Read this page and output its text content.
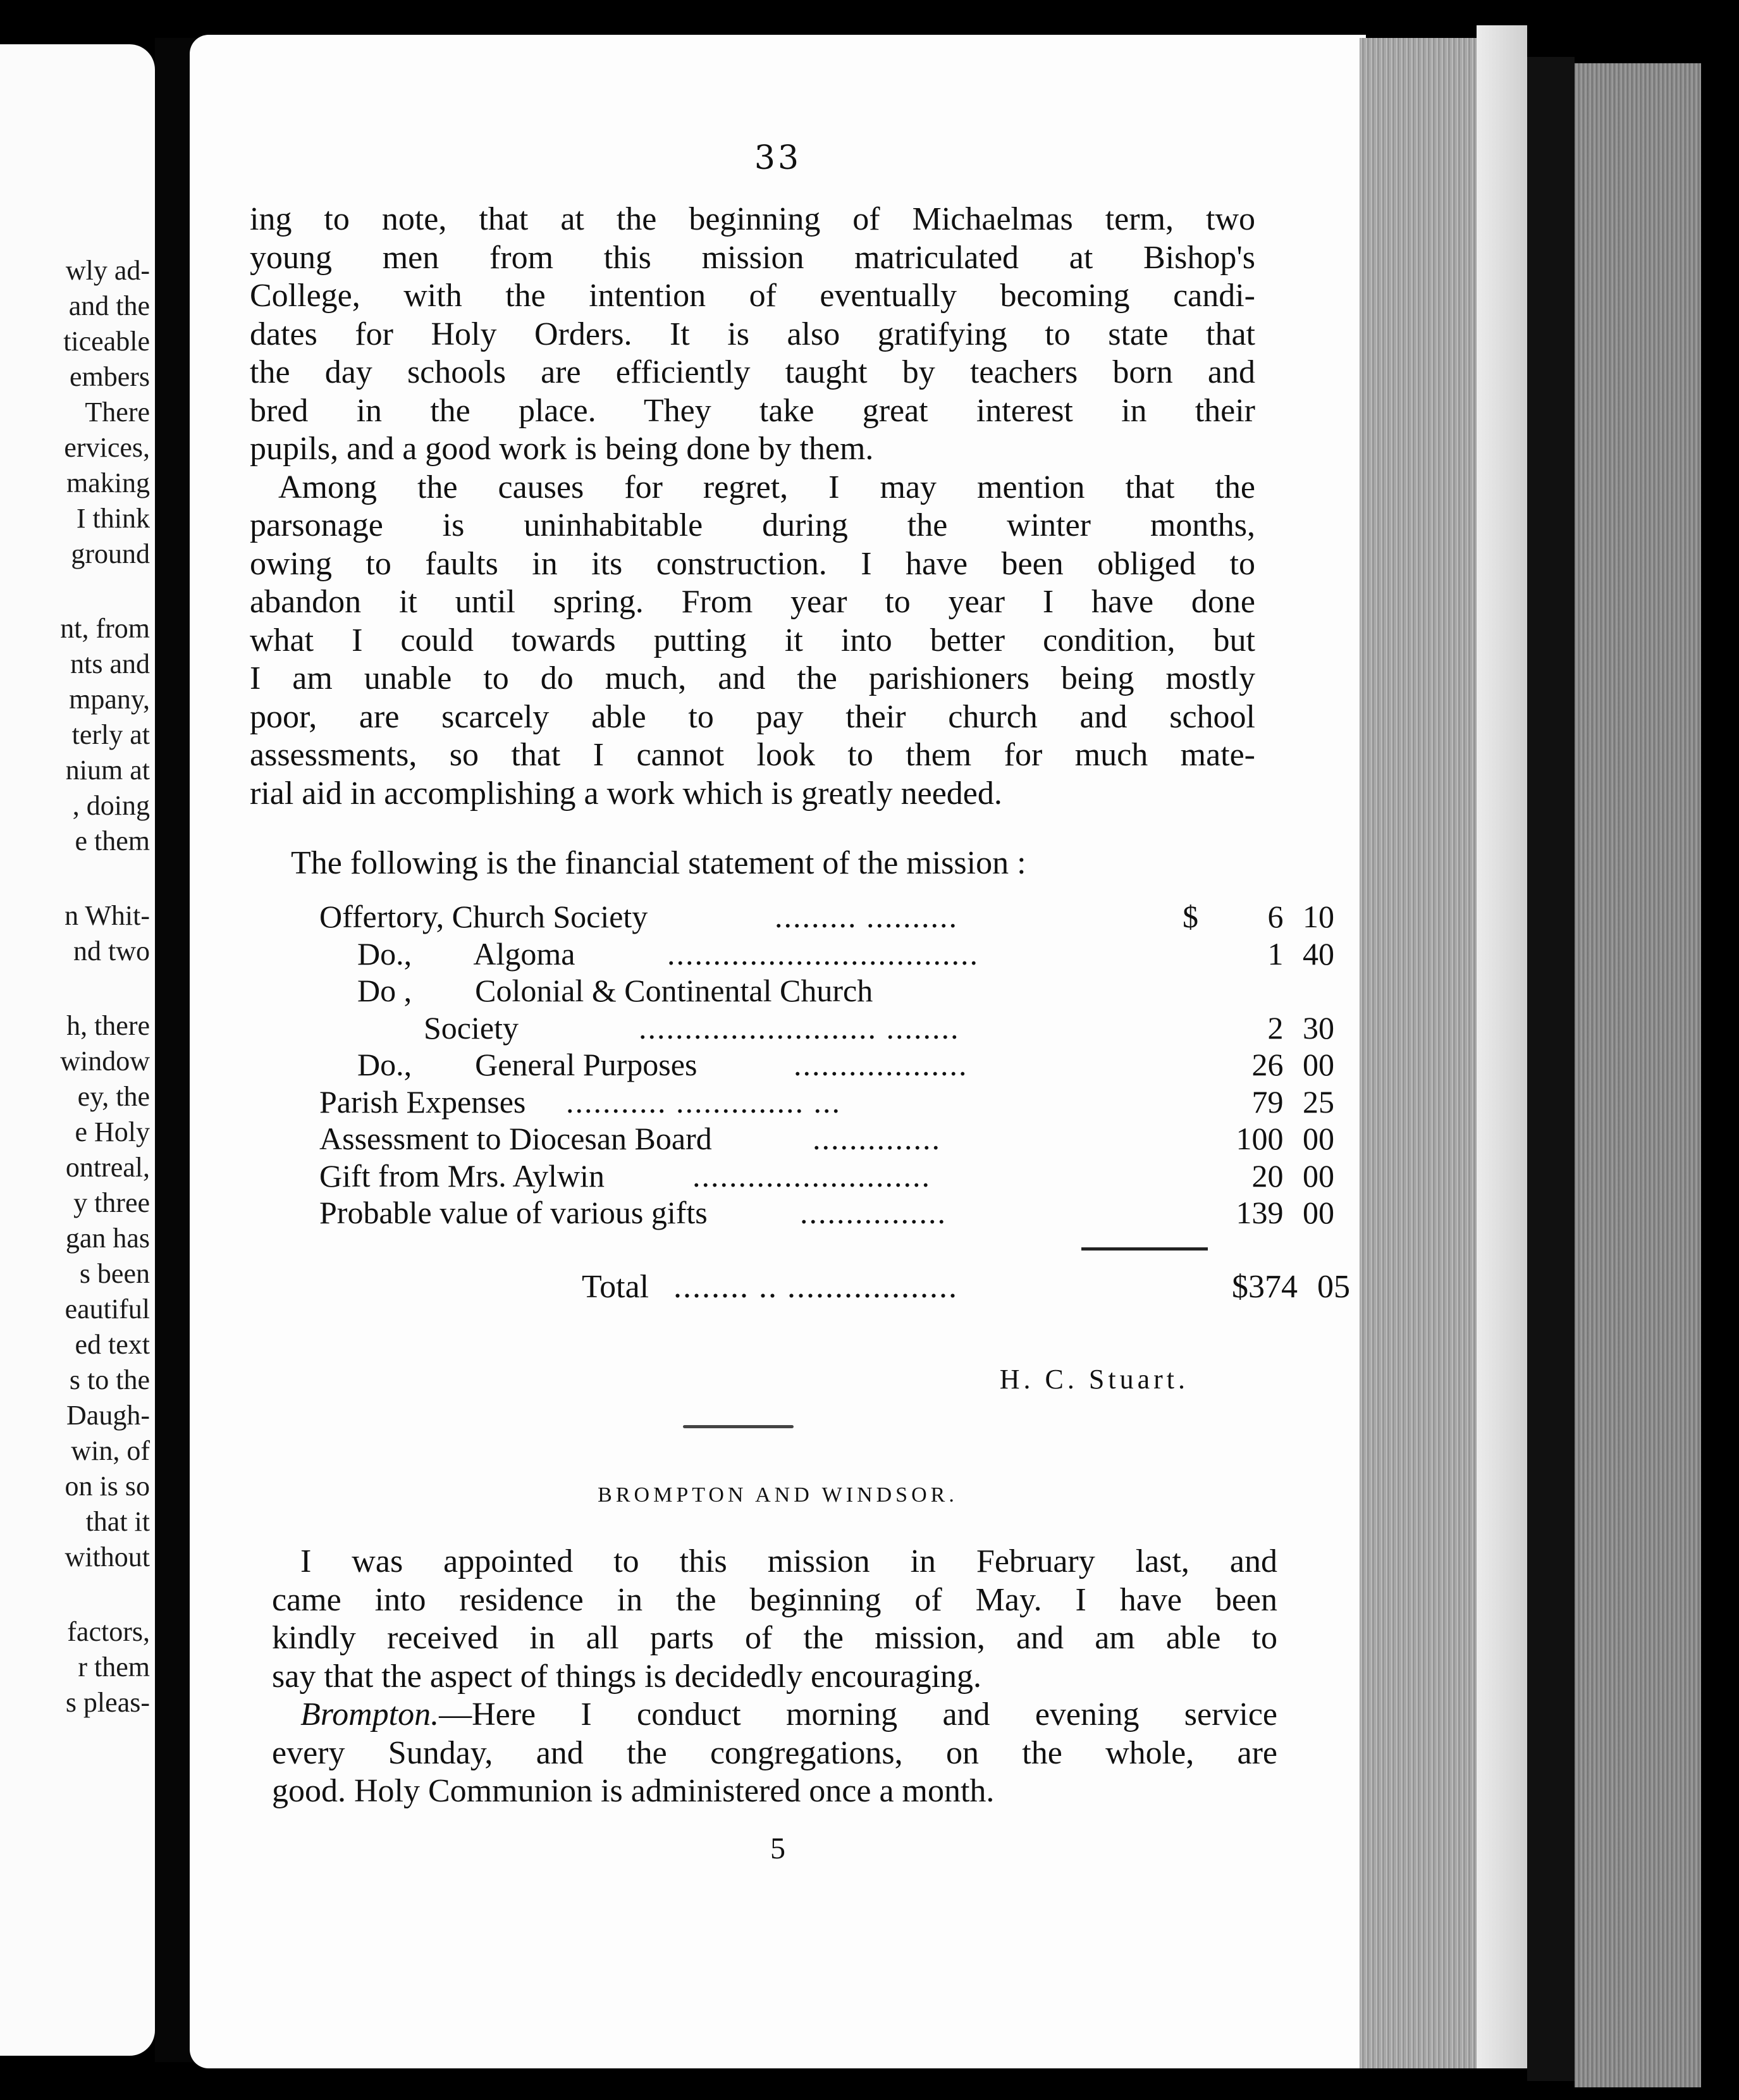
wly ad-
and the
ticeable
embers
There
ervices,
making
I think
ground
nt, from
nts and
mpany,
terly at
nium at
, doing
e them
n Whit-
nd two
h, there
window
ey, the
e Holy
ontreal,
y three
gan has
s been
eautiful
ed text
s to the
Daugh-
win, of
on is so
that it
without
factors,
r them
s pleas-
33
ing to note, that at the beginning of Michaelmas term, two
young men from this mission matriculated at Bishop's
College, with the intention of eventually becoming candi-
dates for Holy Orders. It is also gratifying to state that
the day schools are efficiently taught by teachers born and
bred in the place. They take great interest in their
pupils, and a good work is being done by them.
Among the causes for regret, I may mention that the
parsonage is uninhabitable during the winter months,
owing to faults in its construction. I have been obliged to
abandon it until spring. From year to year I have done
what I could towards putting it into better condition, but
I am unable to do much, and the parishioners being mostly
poor, are scarcely able to pay their church and school
assessments, so that I cannot look to them for much mate-
rial aid in accomplishing a work which is greatly needed.
The following is the financial statement of the mission :
Offertory, Church Society	......... ..........	$	6 10
Do.,        Algoma	..................................	1 40
Do ,        Colonial & Continental Church
Society	.......................... ........	2 30
Do.,        General Purposes	...................	26 00
Parish Expenses ........... .............. ...	79 25
Assessment to Diocesan Board	..............	100 00
Gift from Mrs. Aylwin	..........................	20 00
Probable value of various gifts	................	139 00
Total ........ .. ..................	$374 05
H. C. Stuart.
BROMPTON AND WINDSOR.
I was appointed to this mission in February last, and
came into residence in the beginning of May. I have been
kindly received in all parts of the mission, and am able to
say that the aspect of things is decidedly encouraging.
Brompton.—Here I conduct morning and evening service
every Sunday, and the congregations, on the whole, are
good. Holy Communion is administered once a month.
5
